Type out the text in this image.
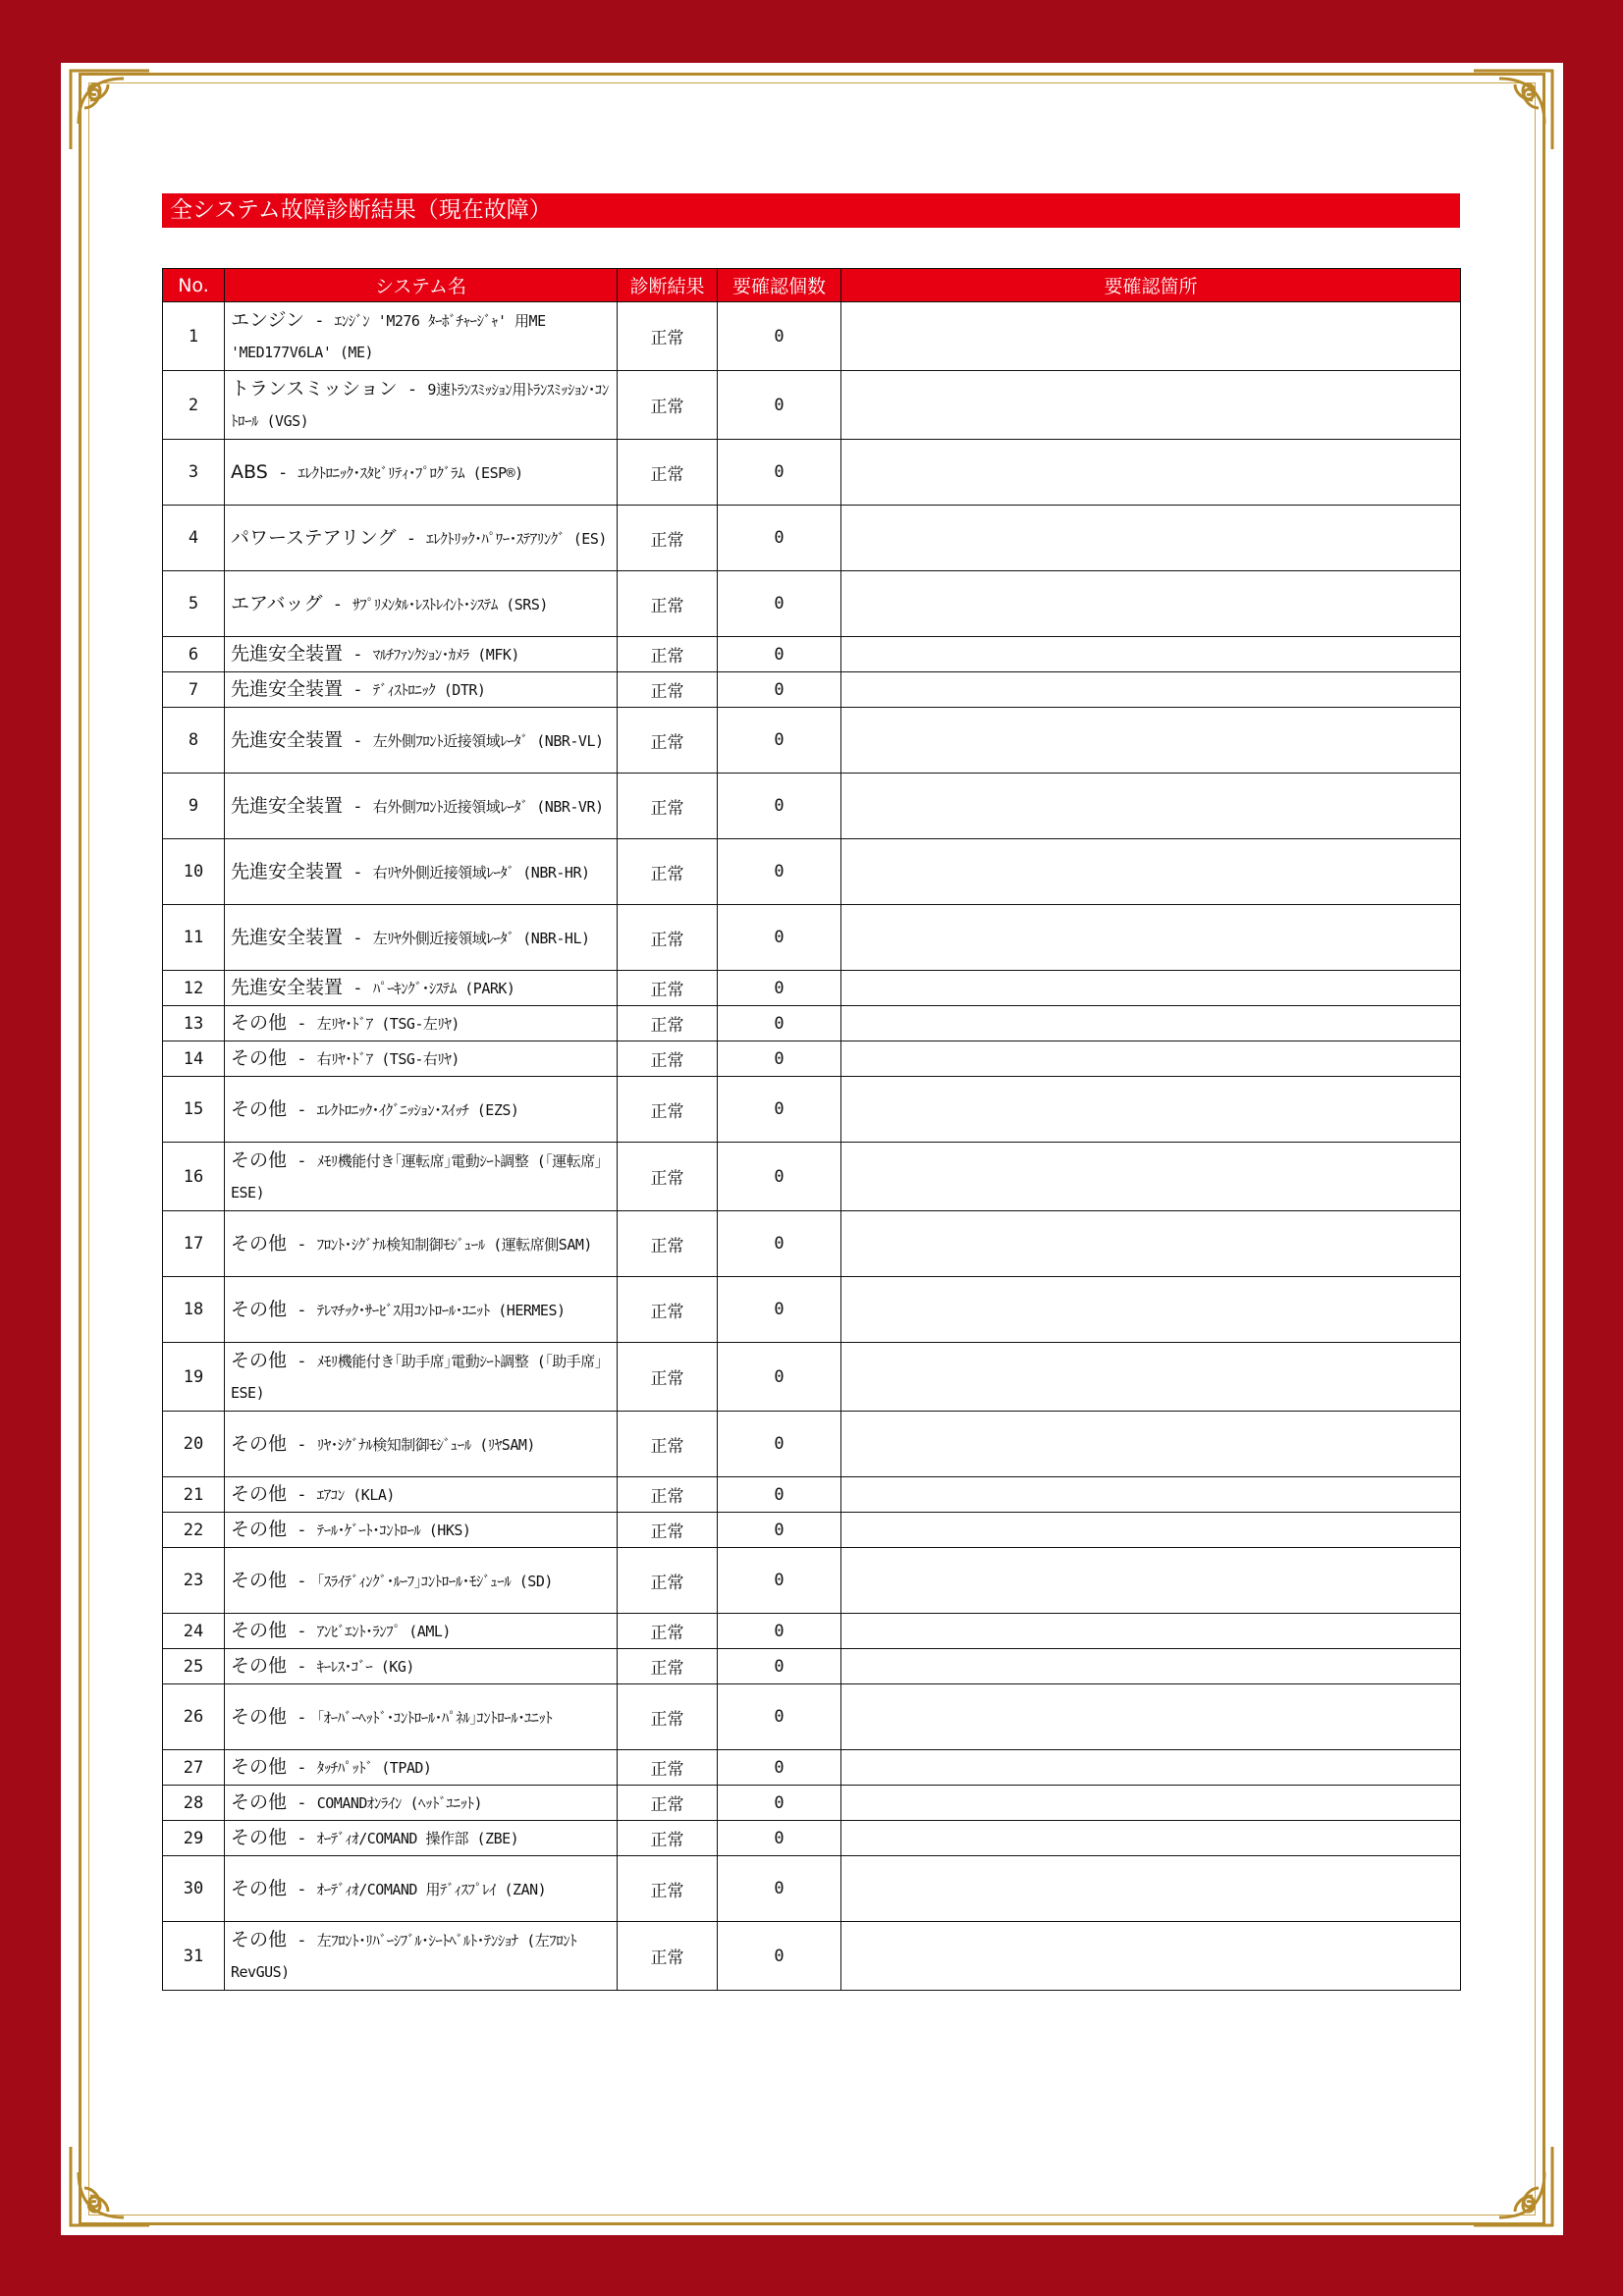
全システム故障診断結果（現在故障）
No.	システム名	診断結果	要確認個数	要確認箇所
1	エンジン - ｴﾝｼﾞﾝ 'M276 ﾀｰﾎﾞﾁｬｰｼﾞｬ' 用ME 'MED177V6LA' (ME)	正常	0	
2	トランスミッション - 9速ﾄﾗﾝｽﾐｯｼｮﾝ用ﾄﾗﾝｽﾐｯｼｮﾝ･ｺﾝﾄﾛｰﾙ (VGS)	正常	0	
3	ABS - ｴﾚｸﾄﾛﾆｯｸ･ｽﾀﾋﾞﾘﾃｨ･ﾌﾟﾛｸﾞﾗﾑ (ESP®)	正常	0	
4	パワーステアリング - ｴﾚｸﾄﾘｯｸ･ﾊﾟﾜｰ･ｽﾃｱﾘﾝｸﾞ (ES)	正常	0	
5	エアバッグ - ｻﾌﾟﾘﾒﾝﾀﾙ･ﾚｽﾄﾚｲﾝﾄ･ｼｽﾃﾑ (SRS)	正常	0	
6	先進安全装置 - ﾏﾙﾁﾌｧﾝｸｼｮﾝ･ｶﾒﾗ (MFK)	正常	0	
7	先進安全装置 - ﾃﾞｨｽﾄﾛﾆｯｸ (DTR)	正常	0	
8	先進安全装置 - 左外側ﾌﾛﾝﾄ近接領域ﾚｰﾀﾞ (NBR-VL)	正常	0	
9	先進安全装置 - 右外側ﾌﾛﾝﾄ近接領域ﾚｰﾀﾞ (NBR-VR)	正常	0	
10	先進安全装置 - 右ﾘﾔ外側近接領域ﾚｰﾀﾞ (NBR-HR)	正常	0	
11	先進安全装置 - 左ﾘﾔ外側近接領域ﾚｰﾀﾞ (NBR-HL)	正常	0	
12	先進安全装置 - ﾊﾟｰｷﾝｸﾞ･ｼｽﾃﾑ (PARK)	正常	0	
13	その他 - 左ﾘﾔ･ﾄﾞｱ (TSG-左ﾘﾔ)	正常	0	
14	その他 - 右ﾘﾔ･ﾄﾞｱ (TSG-右ﾘﾔ)	正常	0	
15	その他 - ｴﾚｸﾄﾛﾆｯｸ･ｲｸﾞﾆｯｼｮﾝ･ｽｲｯﾁ (EZS)	正常	0	
16	その他 - ﾒﾓﾘ機能付き｢運転席｣電動ｼｰﾄ調整 (｢運転席｣ESE)	正常	0	
17	その他 - ﾌﾛﾝﾄ･ｼｸﾞﾅﾙ検知制御ﾓｼﾞｭｰﾙ (運転席側SAM)	正常	0	
18	その他 - ﾃﾚﾏﾁｯｸ･ｻｰﾋﾞｽ用ｺﾝﾄﾛｰﾙ･ﾕﾆｯﾄ (HERMES)	正常	0	
19	その他 - ﾒﾓﾘ機能付き｢助手席｣電動ｼｰﾄ調整 (｢助手席｣ESE)	正常	0	
20	その他 - ﾘﾔ･ｼｸﾞﾅﾙ検知制御ﾓｼﾞｭｰﾙ (ﾘﾔSAM)	正常	0	
21	その他 - ｴｱｺﾝ (KLA)	正常	0	
22	その他 - ﾃｰﾙ･ｹﾞｰﾄ･ｺﾝﾄﾛｰﾙ (HKS)	正常	0	
23	その他 - ｢ｽﾗｲﾃﾞｨﾝｸﾞ･ﾙｰﾌ｣ｺﾝﾄﾛｰﾙ･ﾓｼﾞｭｰﾙ (SD)	正常	0	
24	その他 - ｱﾝﾋﾞｴﾝﾄ･ﾗﾝﾌﾟ (AML)	正常	0	
25	その他 - ｷｰﾚｽ･ｺﾞｰ (KG)	正常	0	
26	その他 - ｢ｵｰﾊﾞｰﾍｯﾄﾞ･ｺﾝﾄﾛｰﾙ･ﾊﾟﾈﾙ｣ｺﾝﾄﾛｰﾙ･ﾕﾆｯﾄ	正常	0	
27	その他 - ﾀｯﾁﾊﾟｯﾄﾞ (TPAD)	正常	0	
28	その他 - COMANDｵﾝﾗｲﾝ (ﾍｯﾄﾞﾕﾆｯﾄ)	正常	0	
29	その他 - ｵｰﾃﾞｨｵ/COMAND 操作部 (ZBE)	正常	0	
30	その他 - ｵｰﾃﾞｨｵ/COMAND 用ﾃﾞｨｽﾌﾟﾚｲ (ZAN)	正常	0	
31	その他 - 左ﾌﾛﾝﾄ･ﾘﾊﾞｰｼﾌﾞﾙ･ｼｰﾄﾍﾞﾙﾄ･ﾃﾝｼｮﾅ (左ﾌﾛﾝﾄ RevGUS)	正常	0	
